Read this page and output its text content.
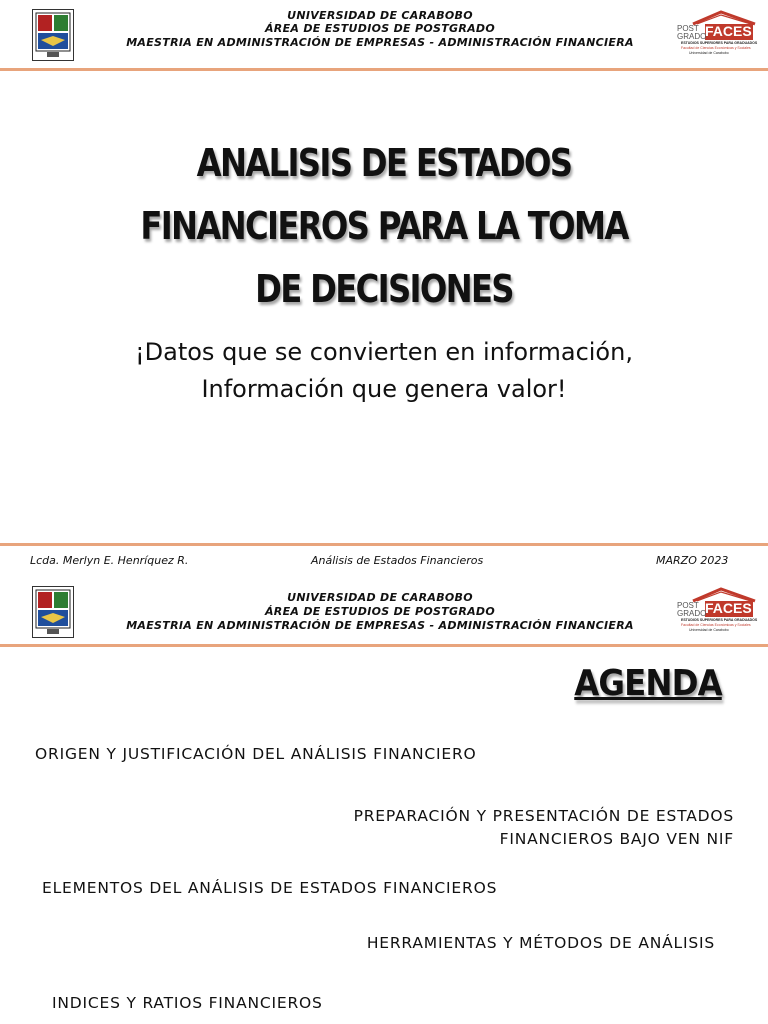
UNIVERSIDAD DE CARABOBO
ÁREA DE ESTUDIOS DE POSTGRADO
MAESTRIA EN ADMINISTRACIÓN DE EMPRESAS - ADMINISTRACIÓN FINANCIERA
POST
GRADO
FACES
ESTUDIOS SUPERIORES PARA GRADUADOS
Facultad de Ciencias Económicas y Sociales
Universidad de Carabobo
ANALISIS DE ESTADOS
FINANCIEROS PARA LA TOMA
DE DECISIONES
¡Datos que se convierten en información,
Información que genera valor!
Lcda. Merlyn E. Henríquez R.	Análisis de Estados Financieros	MARZO 2023
UNIVERSIDAD DE CARABOBO
ÁREA DE ESTUDIOS DE POSTGRADO
MAESTRIA EN ADMINISTRACIÓN DE EMPRESAS - ADMINISTRACIÓN FINANCIERA
POST
GRADO
FACES
ESTUDIOS SUPERIORES PARA GRADUADOS
Facultad de Ciencias Económicas y Sociales
Universidad de Carabobo
AGENDA
ORIGEN Y JUSTIFICACIÓN DEL ANÁLISIS FINANCIERO
PREPARACIÓN Y PRESENTACIÓN DE ESTADOS
FINANCIEROS BAJO VEN NIF
ELEMENTOS DEL ANÁLISIS DE ESTADOS FINANCIEROS
HERRAMIENTAS Y MÉTODOS DE ANÁLISIS
INDICES Y RATIOS FINANCIEROS
